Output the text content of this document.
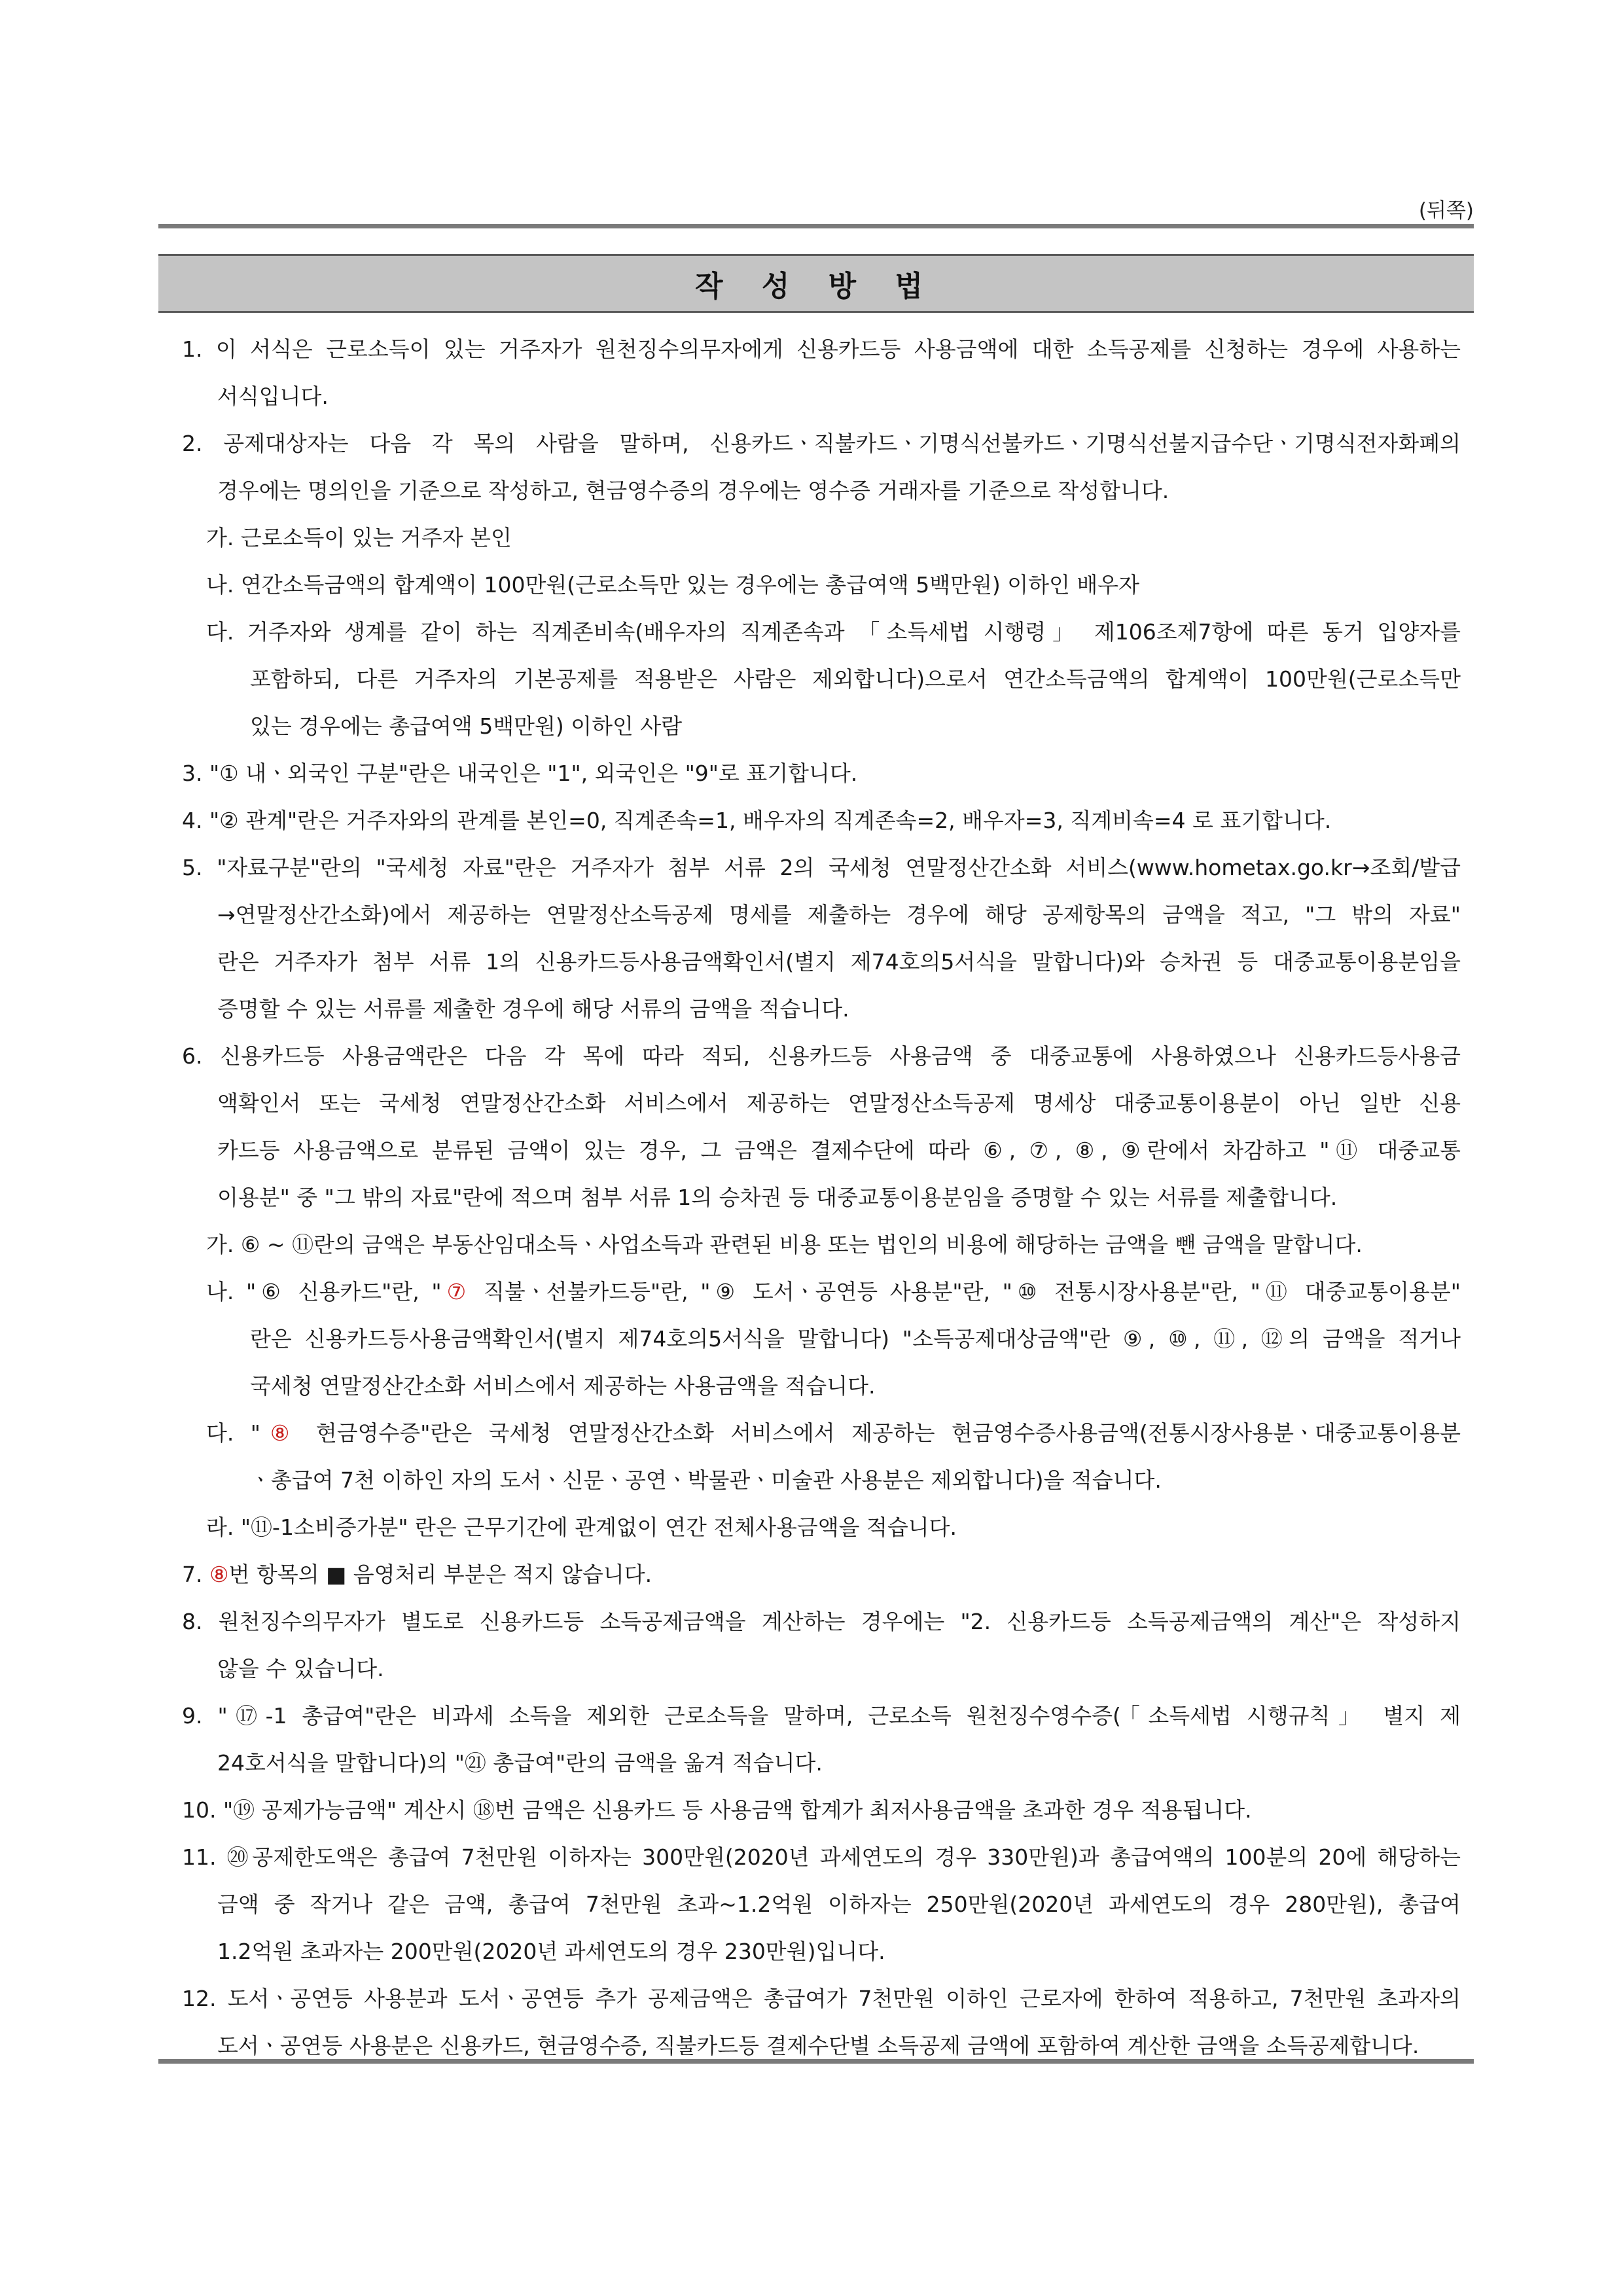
(뒤쪽)
작 성 방 법
1. 이 서식은 근로소득이 있는 거주자가 원천징수의무자에게 신용카드등 사용금액에 대한 소득공제를 신청하는 경우에 사용하는
서식입니다.
2. 공제대상자는 다음 각 목의 사람을 말하며, 신용카드ㆍ직불카드ㆍ기명식선불카드ㆍ기명식선불지급수단ㆍ기명식전자화폐의
경우에는 명의인을 기준으로 작성하고, 현금영수증의 경우에는 영수증 거래자를 기준으로 작성합니다.
가. 근로소득이 있는 거주자 본인
나. 연간소득금액의 합계액이 100만원(근로소득만 있는 경우에는 총급여액 5백만원) 이하인 배우자
다. 거주자와 생계를 같이 하는 직계존비속(배우자의 직계존속과 「소득세법 시행령」 제106조제7항에 따른 동거 입양자를
포함하되, 다른 거주자의 기본공제를 적용받은 사람은 제외합니다)으로서 연간소득금액의 합계액이 100만원(근로소득만
있는 경우에는 총급여액 5백만원) 이하인 사람
3. "① 내ㆍ외국인 구분"란은 내국인은 "1", 외국인은 "9"로 표기합니다.
4. "② 관계"란은 거주자와의 관계를 본인=0, 직계존속=1, 배우자의 직계존속=2, 배우자=3, 직계비속=4 로 표기합니다.
5. "자료구분"란의 "국세청 자료"란은 거주자가 첨부 서류 2의 국세청 연말정산간소화 서비스(www.hometax.go.kr→조회/발급
→연말정산간소화)에서 제공하는 연말정산소득공제 명세를 제출하는 경우에 해당 공제항목의 금액을 적고, "그 밖의 자료"
란은 거주자가 첨부 서류 1의 신용카드등사용금액확인서(별지 제74호의5서식을 말합니다)와 승차권 등 대중교통이용분임을
증명할 수 있는 서류를 제출한 경우에 해당 서류의 금액을 적습니다.
6. 신용카드등 사용금액란은 다음 각 목에 따라 적되, 신용카드등 사용금액 중 대중교통에 사용하였으나 신용카드등사용금
액확인서 또는 국세청 연말정산간소화 서비스에서 제공하는 연말정산소득공제 명세상 대중교통이용분이 아닌 일반 신용
카드등 사용금액으로 분류된 금액이 있는 경우, 그 금액은 결제수단에 따라 ⑥, ⑦, ⑧, ⑨란에서 차감하고 "⑪ 대중교통
이용분" 중 "그 밖의 자료"란에 적으며 첨부 서류 1의 승차권 등 대중교통이용분임을 증명할 수 있는 서류를 제출합니다.
가. ⑥ ~ ⑪란의 금액은 부동산임대소득ㆍ사업소득과 관련된 비용 또는 법인의 비용에 해당하는 금액을 뺀 금액을 말합니다.
나. "⑥ 신용카드"란, "⑦ 직불ㆍ선불카드등"란, "⑨ 도서ㆍ공연등 사용분"란, "⑩ 전통시장사용분"란, "⑪ 대중교통이용분"
란은 신용카드등사용금액확인서(별지 제74호의5서식을 말합니다) "소득공제대상금액"란 ⑨, ⑩, ⑪, ⑫의 금액을 적거나
국세청 연말정산간소화 서비스에서 제공하는 사용금액을 적습니다.
다. "⑧ 현금영수증"란은 국세청 연말정산간소화 서비스에서 제공하는 현금영수증사용금액(전통시장사용분ㆍ대중교통이용분
ㆍ총급여 7천 이하인 자의 도서ㆍ신문ㆍ공연ㆍ박물관ㆍ미술관 사용분은 제외합니다)을 적습니다.
라. "⑪-1소비증가분" 란은 근무기간에 관계없이 연간 전체사용금액을 적습니다.
7. ⑧번 항목의 ■ 음영처리 부분은 적지 않습니다.
8. 원천징수의무자가 별도로 신용카드등 소득공제금액을 계산하는 경우에는 "2. 신용카드등 소득공제금액의 계산"은 작성하지
않을 수 있습니다.
9. "⑰-1 총급여"란은 비과세 소득을 제외한 근로소득을 말하며, 근로소득 원천징수영수증(「소득세법 시행규칙」 별지 제
24호서식을 말합니다)의 "㉑ 총급여"란의 금액을 옮겨 적습니다.
10. "⑲ 공제가능금액" 계산시 ⑱번 금액은 신용카드 등 사용금액 합계가 최저사용금액을 초과한 경우 적용됩니다.
11. ⑳공제한도액은 총급여 7천만원 이하자는 300만원(2020년 과세연도의 경우 330만원)과 총급여액의 100분의 20에 해당하는
금액 중 작거나 같은 금액, 총급여 7천만원 초과~1.2억원 이하자는 250만원(2020년 과세연도의 경우 280만원), 총급여
1.2억원 초과자는 200만원(2020년 과세연도의 경우 230만원)입니다.
12. 도서ㆍ공연등 사용분과 도서ㆍ공연등 추가 공제금액은 총급여가 7천만원 이하인 근로자에 한하여 적용하고, 7천만원 초과자의
도서ㆍ공연등 사용분은 신용카드, 현금영수증, 직불카드등 결제수단별 소득공제 금액에 포함하여 계산한 금액을 소득공제합니다.
